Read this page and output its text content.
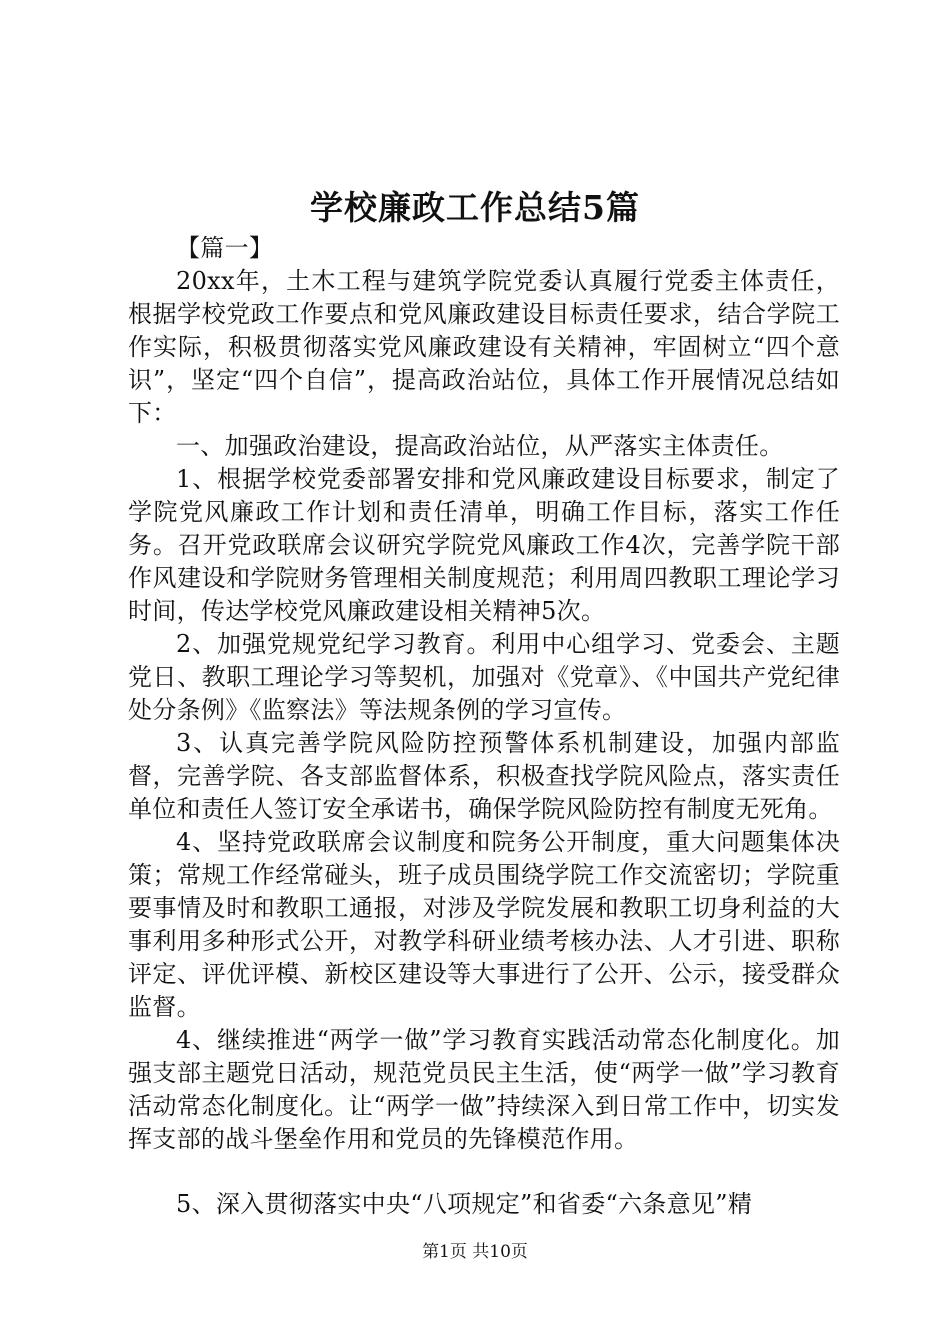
学校廉政工作总结5篇

【篇一】

20xx年，土木工程与建筑学院党委认真履行党委主体责任，根据学校党政工作要点和党风廉政建设目标责任要求，结合学院工作实际，积极贯彻落实党风廉政建设有关精神，牢固树立“四个意识”，坚定“四个自信”，提高政治站位，具体工作开展情况总结如下：

一、加强政治建设，提高政治站位，从严落实主体责任。

1、根据学校党委部署安排和党风廉政建设目标要求，制定了学院党风廉政工作计划和责任清单，明确工作目标，落实工作任务。召开党政联席会议研究学院党风廉政工作4次，完善学院干部作风建设和学院财务管理相关制度规范；利用周四教职工理论学习时间，传达学校党风廉政建设相关精神5次。

2、加强党规党纪学习教育。利用中心组学习、党委会、主题党日、教职工理论学习等契机，加强对《党章》、《中国共产党纪律处分条例》《监察法》等法规条例的学习宣传。

3、认真完善学院风险防控预警体系机制建设，加强内部监督，完善学院、各支部监督体系，积极查找学院风险点，落实责任单位和责任人签订安全承诺书，确保学院风险防控有制度无死角。

4、坚持党政联席会议制度和院务公开制度，重大问题集体决策；常规工作经常碰头，班子成员围绕学院工作交流密切；学院重要事情及时和教职工通报，对涉及学院发展和教职工切身利益的大事利用多种形式公开，对教学科研业绩考核办法、人才引进、职称评定、评优评模、新校区建设等大事进行了公开、公示，接受群众监督。

4、继续推进“两学一做”学习教育实践活动常态化制度化。加强支部主题党日活动，规范党员民主生活，使“两学一做”学习教育活动常态化制度化。让“两学一做”持续深入到日常工作中，切实发挥支部的战斗堡垒作用和党员的先锋模范作用。

5、深入贯彻落实中央“八项规定”和省委“六条意见”精

第1页 共10页
